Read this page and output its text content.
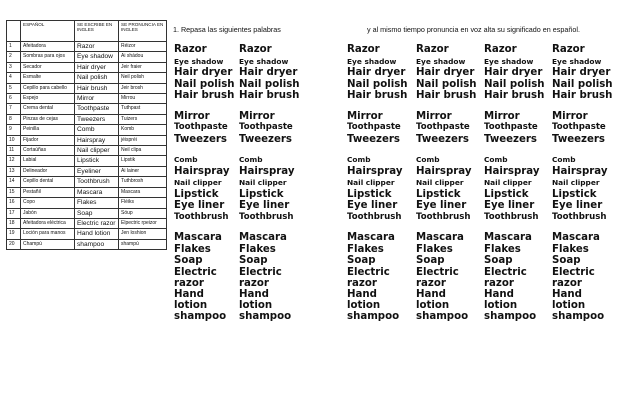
	ESPAÑOL	SE ESCRIBE EN INGLES	SE PRONUNCIA EN INGLES
1	Afeitadora	Razor	Réizor
2	Sombras para ojos	Eye shadow	Ai shádou
3	Secador	Hair dryer	Jeir fraier
4	Esmalte	Nail polish	Neil polish
5	Cepillo para cabello	Hair brush	Jeir brosh
6	Espejo	Mirror	Mirrou
7	Crema dental	Toothpaste	Tuthpast
8	Pinzas de cejas	Tweezers	Tuizers
9	Peinilla	Comb	Komb
10	Fijador	Hairspray	jéispréi
11	Cortaúñas	Nail clipper	Neil clipa
12	Labial	Lipstick	Lipstik
13	Delineador	Eyeliner	Ai lainer
14	Cepillo dental	Toothbrush	Tuthbrosh
15	Pestañil	Mascara	Mascara
16	Copo	Flakes	Fléiks
17	Jabón	Soap	Sóup
18	Afeitadora eléctrica	Electric razor	Elpectric rpeizor
19	Loción para manos	Hand lotion	Jen loshion
20	Champú	shampoo	shampú
1. Repasa las siguientes palabras	y al mismo tiempo pronuncia en voz alta su significado en español.
Razor
Eye shadow
Hair dryer
Nail polish
Hair brush
Mirror
Toothpaste
Tweezers
Comb
Hairspray
Nail clipper
Lipstick
Eye liner
Toothbrush
Mascara
Flakes
Soap
Electric razor
Hand lotion
shampoo
Razor
Eye shadow
Hair dryer
Nail polish
Hair brush
Mirror
Toothpaste
Tweezers
Comb
Hairspray
Nail clipper
Lipstick
Eye liner
Toothbrush
Mascara
Flakes
Soap
Electric razor
Hand lotion
shampoo
Razor
Eye shadow
Hair dryer
Nail polish
Hair brush
Mirror
Toothpaste
Tweezers
Comb
Hairspray
Nail clipper
Lipstick
Eye liner
Toothbrush
Mascara
Flakes
Soap
Electric razor
Hand lotion
shampoo
Razor
Eye shadow
Hair dryer
Nail polish
Hair brush
Mirror
Toothpaste
Tweezers
Comb
Hairspray
Nail clipper
Lipstick
Eye liner
Toothbrush
Mascara
Flakes
Soap
Electric razor
Hand lotion
shampoo
Razor
Eye shadow
Hair dryer
Nail polish
Hair brush
Mirror
Toothpaste
Tweezers
Comb
Hairspray
Nail clipper
Lipstick
Eye liner
Toothbrush
Mascara
Flakes
Soap
Electric razor
Hand lotion
shampoo
Razor
Eye shadow
Hair dryer
Nail polish
Hair brush
Mirror
Toothpaste
Tweezers
Comb
Hairspray
Nail clipper
Lipstick
Eye liner
Toothbrush
Mascara
Flakes
Soap
Electric razor
Hand lotion
shampoo
